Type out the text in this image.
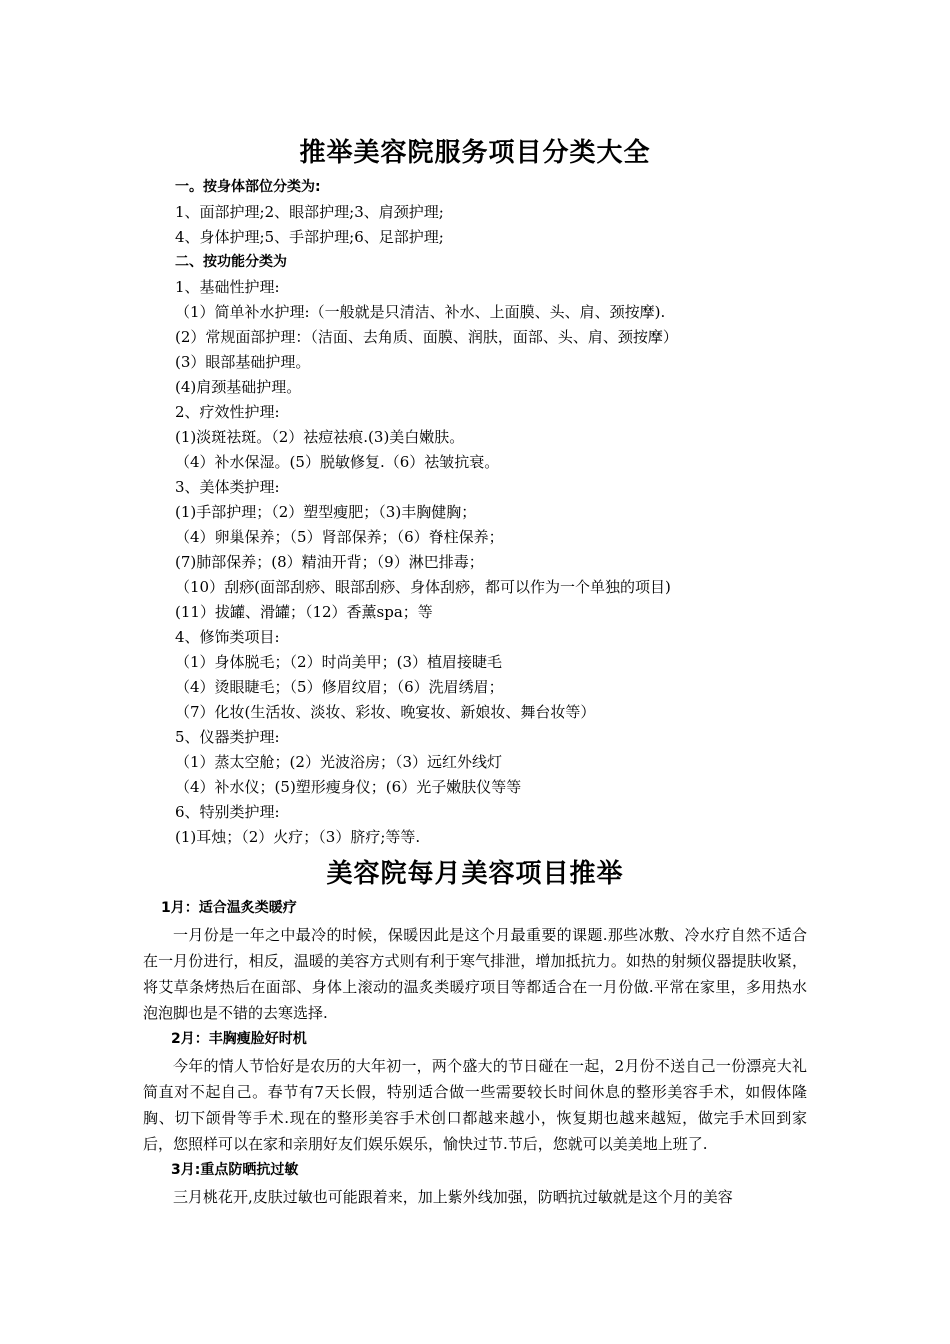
推举美容院服务项目分类大全
一。按身体部位分类为:
1、面部护理;2、眼部护理;3、肩颈护理;
4、身体护理;5、手部护理;6、足部护理;
二、按功能分类为
1、基础性护理:
（1）简单补水护理:（一般就是只清洁、补水、上面膜、头、肩、颈按摩).
(2）常规面部护理：（洁面、去角质、面膜、润肤，面部、头、肩、颈按摩）
(3）眼部基础护理。
(4)肩颈基础护理。
2、疗效性护理:
(1)淡斑祛斑。（2）祛痘祛痕.(3)美白嫩肤。
（4）补水保湿。(5）脱敏修复.（6）祛皱抗衰。
3、美体类护理:
(1)手部护理；（2）塑型瘦肥；（3)丰胸健胸；
（4）卵巢保养；（5）肾部保养；（6）脊柱保养；
(7)肺部保养；(8）精油开背；（9）淋巴排毒；
（10）刮痧(面部刮痧、眼部刮痧、身体刮痧，都可以作为一个单独的项目)
(11）拔罐、滑罐；（12）香薰spa；等
4、修饰类项目:
（1）身体脱毛；（2）时尚美甲；(3）植眉接睫毛
（4）烫眼睫毛；（5）修眉纹眉；（6）洗眉绣眉；
（7）化妆(生活妆、淡妆、彩妆、晚宴妆、新娘妆、舞台妆等）
5、仪器类护理:
（1）蒸太空舱；(2）光波浴房；（3）远红外线灯
（4）补水仪；(5)塑形瘦身仪；(6）光子嫩肤仪等等
6、特别类护理:
(1)耳烛；（2）火疗；（3）脐疗;等等.
美容院每月美容项目推举
1月：适合温炙类暖疗

一月份是一年之中最冷的时候，保暖因此是这个月最重要的课题.那些冰敷、冷水疗自然不适合在一月份进行，相反，温暖的美容方式则有利于寒气排泄，增加抵抗力。如热的射频仪器提肤收紧，将艾草条烤热后在面部、身体上滚动的温炙类暖疗项目等都适合在一月份做.平常在家里，多用热水泡泡脚也是不错的去寒选择.

2月：丰胸瘦脸好时机

今年的情人节恰好是农历的大年初一，两个盛大的节日碰在一起，2月份不送自己一份漂亮大礼简直对不起自己。春节有7天长假，特别适合做一些需要较长时间休息的整形美容手术，如假体隆胸、切下颌骨等手术.现在的整形美容手术创口都越来越小，恢复期也越来越短，做完手术回到家后，您照样可以在家和亲朋好友们娱乐娱乐，愉快过节.节后，您就可以美美地上班了.

3月:重点防晒抗过敏

三月桃花开,皮肤过敏也可能跟着来，加上紫外线加强，防晒抗过敏就是这个月的美容
